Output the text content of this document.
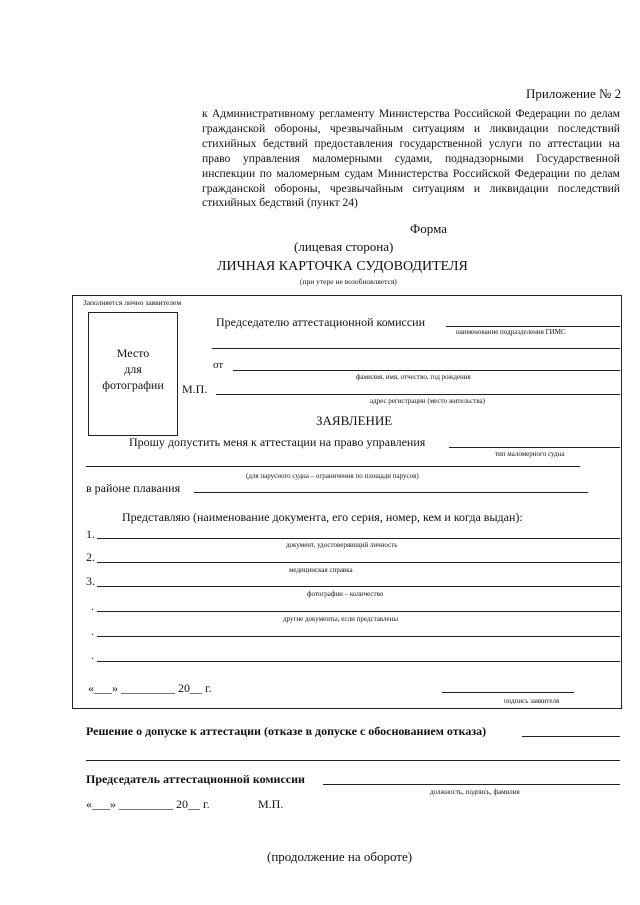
Приложение № 2
к Административному регламенту Министерства Российской Федерации по делам гражданской обороны, чрезвычайным ситуациям и ликвидации последствий стихийных бедствий предоставления государственной услуги по аттестации на право управления маломерными судами, поднадзорными Государственной инспекции по маломерным судам Министерства Российской Федерации по делам гражданской обороны, чрезвычайным ситуациям и ликвидации последствий стихийных бедствий (пункт 24)
Форма
(лицевая сторона)
ЛИЧНАЯ КАРТОЧКА СУДОВОДИТЕЛЯ
(при утере не возобновляется)
Заполняется лично заявителем
Место
для
фотографии
Председателю аттестационной комиссии
наименование подразделения ГИМС
от
фамилия, имя, отчество, год рождения
М.П.
адрес регистрации (место жительства)
ЗАЯВЛЕНИЕ
Прошу допустить меня к аттестации на право управления
тип маломерного судна
(для парусного судна – ограничения по площади парусов)
в районе плавания
Представляю (наименование документа, его серия, номер, кем и когда выдан):
1.
документ, удостоверяющий личность
2.
медицинская справка
3.
фотографии – количество
.
другие документы, если представлены
.
.
«___» _________ 20__ г.
подпись заявителя
Решение о допуске к аттестации (отказе в допуске с обоснованием отказа)
Председатель аттестационной комиссии
должность, подпись, фамилия
«___» _________ 20__ г.	М.П.
(продолжение на обороте)
